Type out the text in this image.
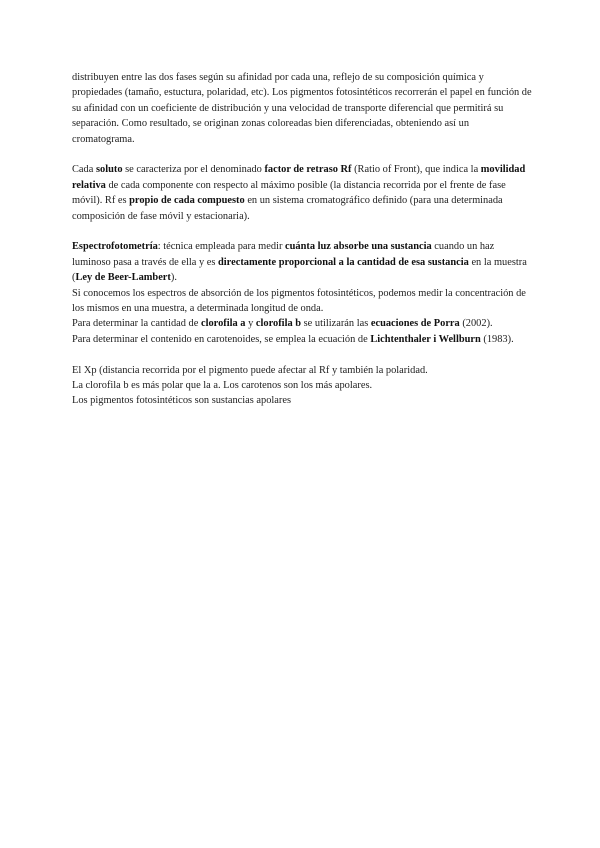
distribuyen entre las dos fases según su afinidad por cada una, reflejo de su composición química y propiedades (tamaño, estuctura, polaridad, etc). Los pigmentos fotosintéticos recorrerán el papel en función de su afinidad con un coeficiente de distribución y una velocidad de transporte diferencial que permitirá su separación. Como resultado, se originan zonas coloreadas bien diferenciadas, obteniendo así un cromatograma.

Cada soluto se caracteriza por el denominado factor de retraso Rf (Ratio of Front), que indica la movilidad relativa de cada componente con respecto al máximo posible (la distancia recorrida por el frente de fase móvil). Rf es propio de cada compuesto en un sistema cromatográfico definido (para una determinada composición de fase móvil y estacionaria).

Espectrofotometría: técnica empleada para medir cuánta luz absorbe una sustancia cuando un haz luminoso pasa a través de ella y es directamente proporcional a la cantidad de esa sustancia en la muestra (Ley de Beer-Lambert).

Si conocemos los espectros de absorción de los pigmentos fotosintéticos, podemos medir la concentración de los mismos en una muestra, a determinada longitud de onda.

Para determinar la cantidad de clorofila a y clorofila b se utilizarán las ecuaciones de Porra (2002).

Para determinar el contenido en carotenoides, se emplea la ecuación de Lichtenthaler i Wellburn (1983).

El Xp (distancia recorrida por el pigmento puede afectar al Rf y también la polaridad.

La clorofila b es más polar que la a. Los carotenos son los más apolares.

Los pigmentos fotosintéticos son sustancias apolares
